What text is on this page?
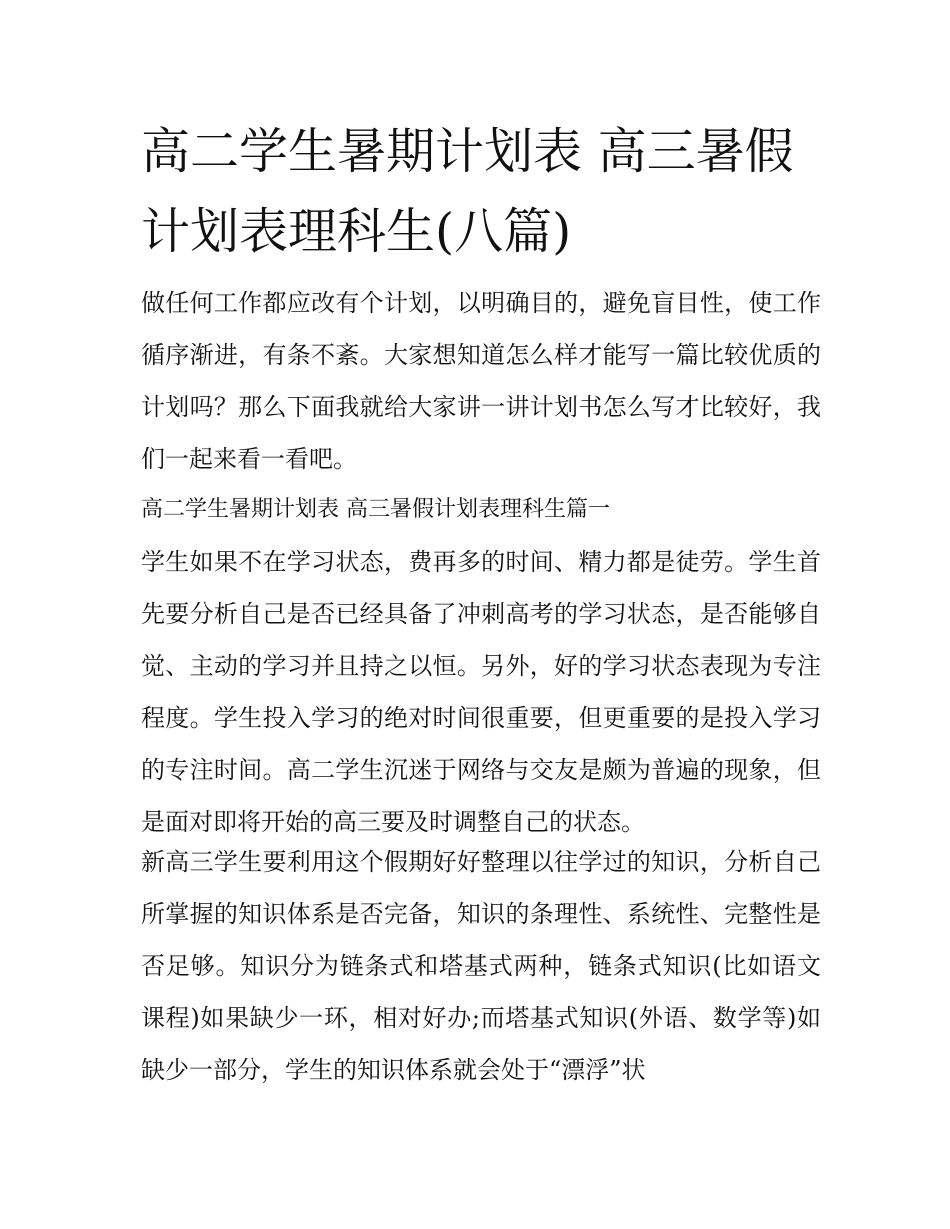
高二学生暑期计划表 高三暑假计划表理科生(八篇)

做任何工作都应改有个计划，以明确目的，避免盲目性，使工作循序渐进，有条不紊。大家想知道怎么样才能写一篇比较优质的计划吗？那么下面我就给大家讲一讲计划书怎么写才比较好，我们一起来看一看吧。

高二学生暑期计划表 高三暑假计划表理科生篇一

学生如果不在学习状态，费再多的时间、精力都是徒劳。学生首先要分析自己是否已经具备了冲刺高考的学习状态，是否能够自觉、主动的学习并且持之以恒。另外，好的学习状态表现为专注程度。学生投入学习的绝对时间很重要，但更重要的是投入学习的专注时间。高二学生沉迷于网络与交友是颇为普遍的现象，但是面对即将开始的高三要及时调整自己的状态。

新高三学生要利用这个假期好好整理以往学过的知识，分析自己所掌握的知识体系是否完备，知识的条理性、系统性、完整性是否足够。知识分为链条式和塔基式两种，链条式知识(比如语文课程)如果缺少一环，相对好办;而塔基式知识(外语、数学等)如缺少一部分，学生的知识体系就会处于“漂浮”状
